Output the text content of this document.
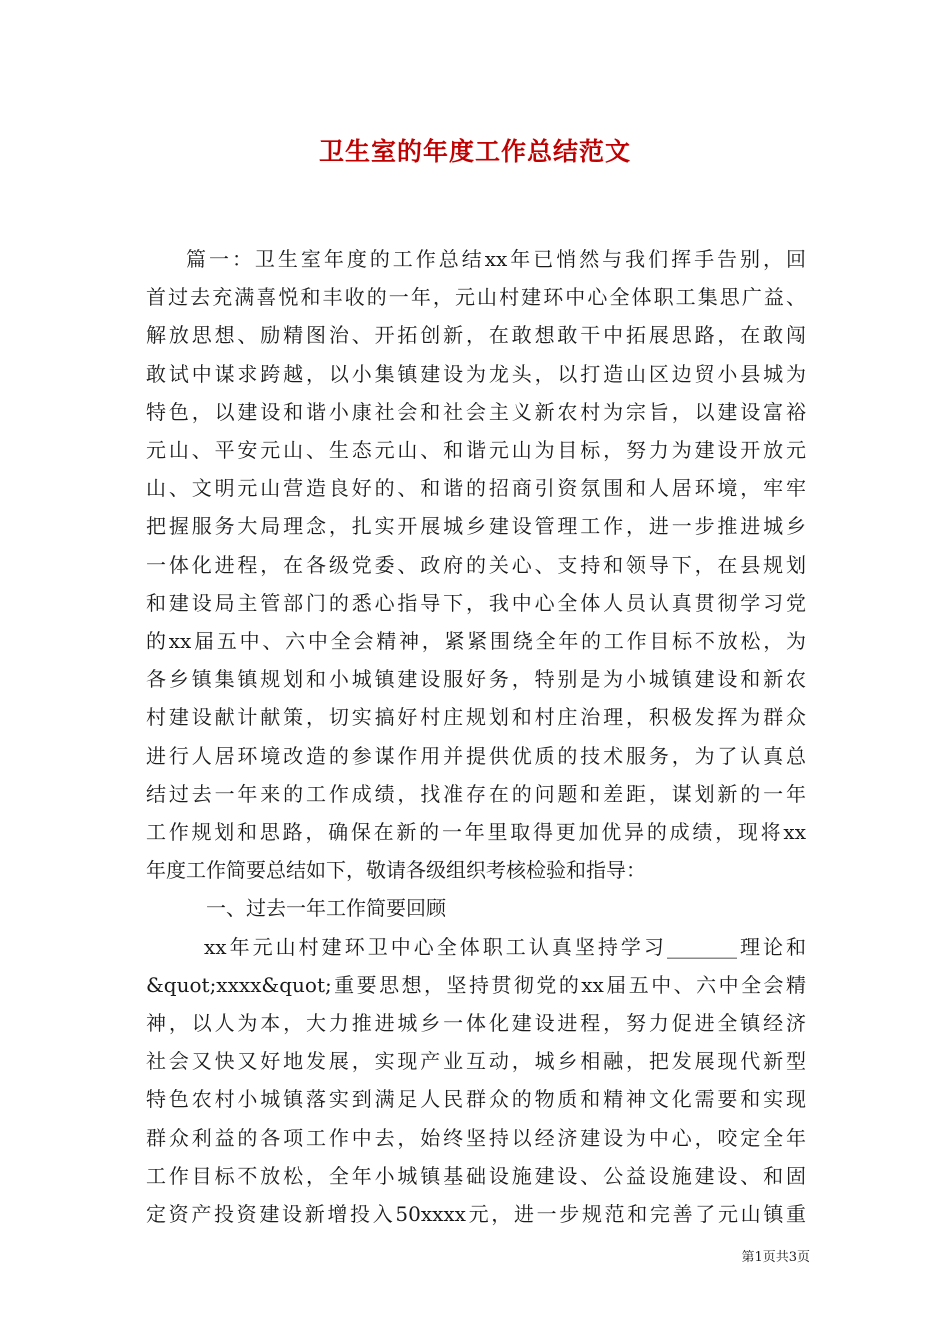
卫生室的年度工作总结范文
篇一：卫生室年度的工作总结xx年已悄然与我们挥手告别，回
首过去充满喜悦和丰收的一年，元山村建环中心全体职工集思广益、
解放思想、励精图治、开拓创新，在敢想敢干中拓展思路，在敢闯
敢试中谋求跨越，以小集镇建设为龙头，以打造山区边贸小县城为
特色，以建设和谐小康社会和社会主义新农村为宗旨，以建设富裕
元山、平安元山、生态元山、和谐元山为目标，努力为建设开放元
山、文明元山营造良好的、和谐的招商引资氛围和人居环境，牢牢
把握服务大局理念，扎实开展城乡建设管理工作，进一步推进城乡
一体化进程，在各级党委、政府的关心、支持和领导下，在县规划
和建设局主管部门的悉心指导下，我中心全体人员认真贯彻学习党
的xx届五中、六中全会精神，紧紧围绕全年的工作目标不放松，为
各乡镇集镇规划和小城镇建设服好务，特别是为小城镇建设和新农
村建设献计献策，切实搞好村庄规划和村庄治理，积极发挥为群众
进行人居环境改造的参谋作用并提供优质的技术服务，为了认真总
结过去一年来的工作成绩，找准存在的问题和差距，谋划新的一年
工作规划和思路，确保在新的一年里取得更加优异的成绩，现将xx
年度工作简要总结如下，敬请各级组织考核检验和指导：
一、过去一年工作简要回顾
xx年元山村建环卫中心全体职工认真坚持学习_______理论和
&quot;xxxx&quot;重要思想，坚持贯彻党的xx届五中、六中全会精
神，以人为本，大力推进城乡一体化建设进程，努力促进全镇经济
社会又快又好地发展，实现产业互动，城乡相融，把发展现代新型
特色农村小城镇落实到满足人民群众的物质和精神文化需要和实现
群众利益的各项工作中去，始终坚持以经济建设为中心，咬定全年
工作目标不放松，全年小城镇基础设施建设、公益设施建设、和固
定资产投资建设新增投入50xxxx元，进一步规范和完善了元山镇重
第1页共3页
